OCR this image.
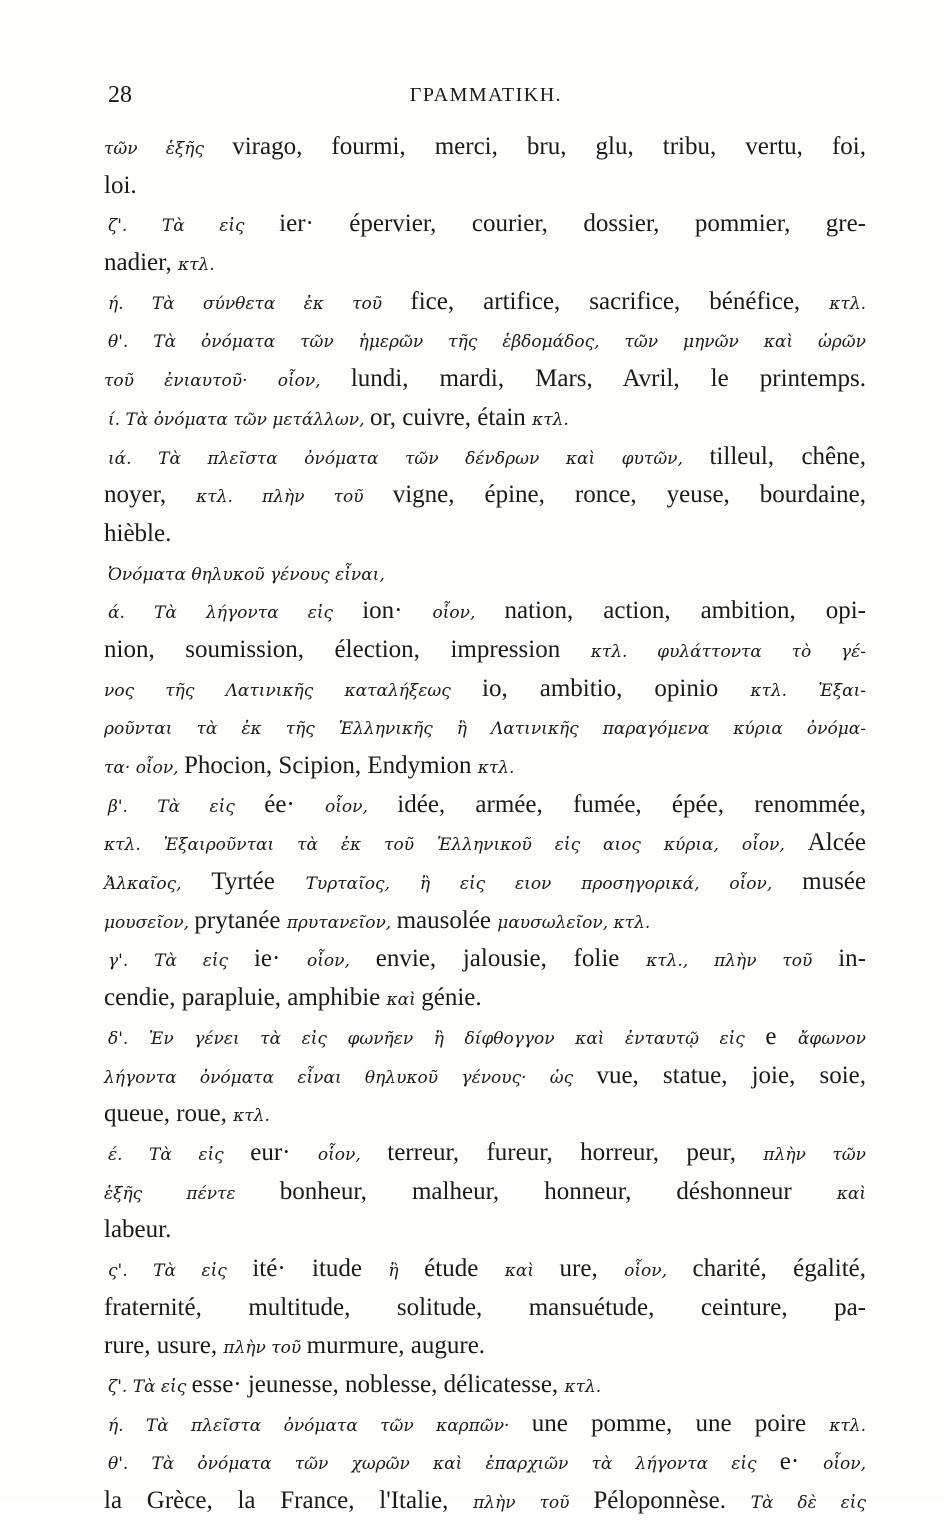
28	ΓΡΑΜΜΑΤΙΚΗ.
τῶν ἑξῆς virago, fourmi, merci, bru, glu, tribu, vertu, foi,
loi.
ζ'. Τὰ εἰς ier· épervier, courier, dossier, pommier, gre-
nadier, κτλ.
ή. Τὰ σύνθετα ἐκ τοῦ fice, artifice, sacrifice, bénéfice, κτλ.
θ'. Τὰ ὀνόματα τῶν ἡμερῶν τῆς ἑβδομάδος, τῶν μηνῶν καὶ ὡρῶν
τοῦ ἐνιαυτοῦ· οἷον, lundi, mardi, Mars, Avril, le printemps.
ί. Τὰ ὀνόματα τῶν μετάλλων, or, cuivre, étain κτλ.
ιά. Τὰ πλεῖστα ὀνόματα τῶν δένδρων καὶ φυτῶν, tilleul, chêne,
noyer, κτλ. πλὴν τοῦ vigne, épine, ronce, yeuse, bourdaine,
hièble.
Ὀνόματα θηλυκοῦ γένους εἶναι,
ά. Τὰ λήγοντα εἰς ion· οἷον, nation, action, ambition, opi-
nion, soumission, élection, impression κτλ. φυλάττοντα τὸ γέ-
νος τῆς Λατινικῆς καταλήξεως io, ambitio, opinio κτλ. Ἐξαι-
ροῦνται τὰ ἐκ τῆς Ἑλληνικῆς ἢ Λατινικῆς παραγόμενα κύρια ὀνόμα-
τα· οἷον, Phocion, Scipion, Endymion κτλ.
β'. Τὰ εἰς ée· οἷον, idée, armée, fumée, épée, renommée,
κτλ. Ἐξαιροῦνται τὰ ἐκ τοῦ Ἑλληνικοῦ εἰς αιος κύρια, οἷον, Alcée
Ἀλκαῖος, Tyrtée Τυρταῖος, ἢ εἰς ειον προσηγορικά, οἷον, musée
μουσεῖον, prytanée πρυτανεῖον, mausolée μαυσωλεῖον, κτλ.
γ'. Τὰ εἰς ie· οἷον, envie, jalousie, folie κτλ., πλὴν τοῦ in-
cendie, parapluie, amphibie καὶ génie.
δ'. Ἐν γένει τὰ εἰς φωνῆεν ἢ δίφθογγον καὶ ἐνταυτῷ εἰς e ἄφωνον
λήγοντα ὀνόματα εἶναι θηλυκοῦ γένους· ὡς vue, statue, joie, soie,
queue, roue, κτλ.
έ. Τὰ εἰς eur· οἷον, terreur, fureur, horreur, peur, πλὴν τῶν
ἑξῆς πέντε bonheur, malheur, honneur, déshonneur καὶ
labeur.
ς'. Τὰ εἰς ité· itude ἢ étude καὶ ure, οἷον, charité, égalité,
fraternité, multitude, solitude, mansuétude, ceinture, pa-
rure, usure, πλὴν τοῦ murmure, augure.
ζ'. Τὰ εἰς esse· jeunesse, noblesse, délicatesse, κτλ.
ή. Τὰ πλεῖστα ὀνόματα τῶν καρπῶν· une pomme, une poire κτλ.
θ'. Τὰ ὀνόματα τῶν χωρῶν καὶ ἐπαρχιῶν τὰ λήγοντα εἰς e· οἷον,
la Grèce, la France, l'Italie, πλὴν τοῦ Péloponnèse. Τὰ δὲ εἰς
